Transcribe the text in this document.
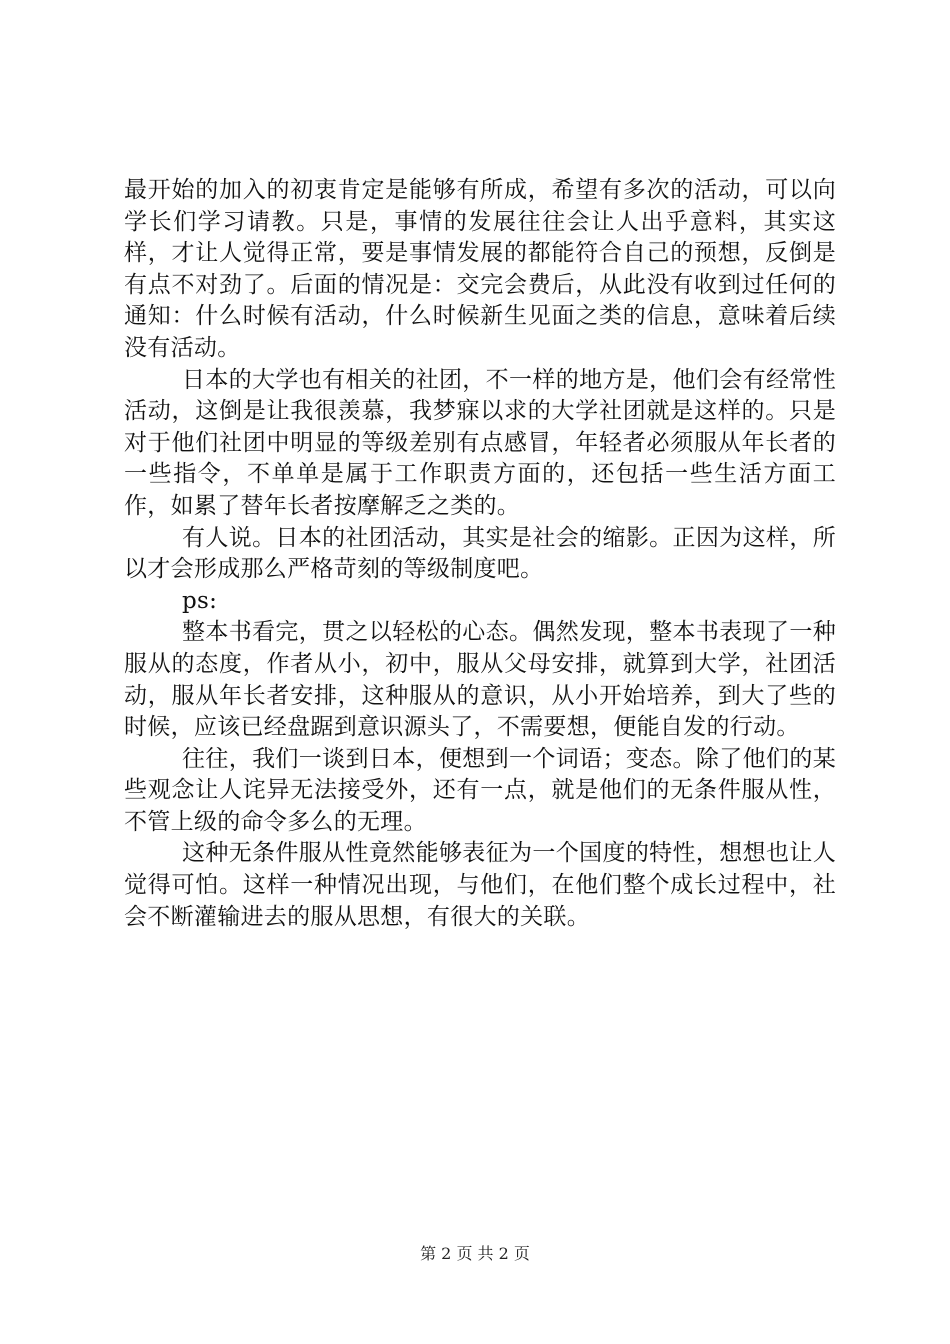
最开始的加入的初衷肯定是能够有所成，希望有多次的活动，可以向学长们学习请教。只是，事情的发展往往会让人出乎意料，其实这样，才让人觉得正常，要是事情发展的都能符合自己的预想，反倒是有点不对劲了。后面的情况是：交完会费后，从此没有收到过任何的通知：什么时候有活动，什么时候新生见面之类的信息，意味着后续没有活动。

日本的大学也有相关的社团，不一样的地方是，他们会有经常性活动，这倒是让我很羡慕，我梦寐以求的大学社团就是这样的。只是对于他们社团中明显的等级差别有点感冒，年轻者必须服从年长者的一些指令，不单单是属于工作职责方面的，还包括一些生活方面工作，如累了替年长者按摩解乏之类的。

有人说。日本的社团活动，其实是社会的缩影。正因为这样，所以才会形成那么严格苛刻的等级制度吧。

ps:

整本书看完，贯之以轻松的心态。偶然发现，整本书表现了一种服从的态度，作者从小，初中，服从父母安排，就算到大学，社团活动，服从年长者安排，这种服从的意识，从小开始培养，到大了些的时候，应该已经盘踞到意识源头了，不需要想，便能自发的行动。

往往，我们一谈到日本，便想到一个词语；变态。除了他们的某些观念让人诧异无法接受外，还有一点，就是他们的无条件服从性，不管上级的命令多么的无理。

这种无条件服从性竟然能够表征为一个国度的特性，想想也让人觉得可怕。这样一种情况出现，与他们，在他们整个成长过程中，社会不断灌输进去的服从思想，有很大的关联。

第 2 页 共 2 页
